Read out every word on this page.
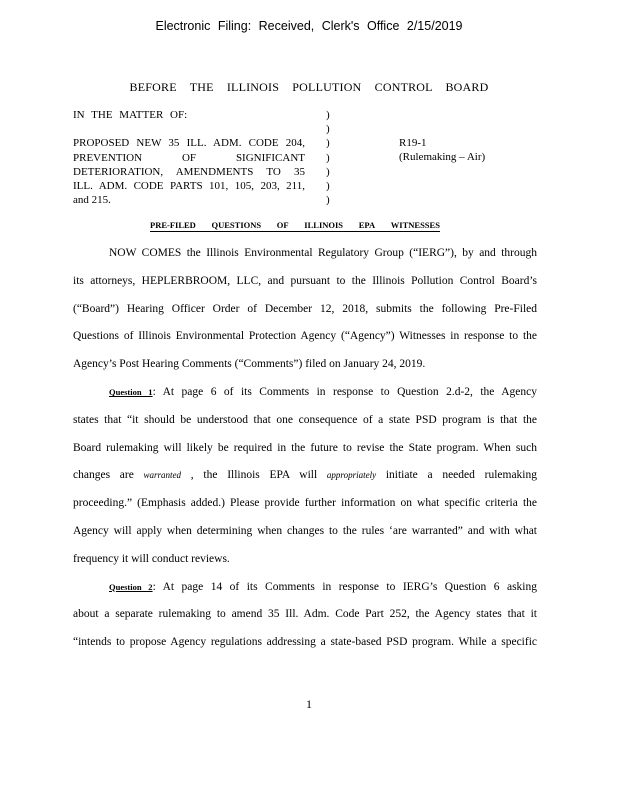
Electronic Filing: Received, Clerk's Office 2/15/2019
BEFORE THE ILLINOIS POLLUTION CONTROL BOARD
IN THE MATTER OF:

PROPOSED NEW 35 ILL. ADM. CODE 204,
PREVENTION OF SIGNIFICANT
DETERIORATION, AMENDMENTS TO 35
ILL. ADM. CODE PARTS 101, 105, 203, 211,
and 215.
)
)
)
)
)
)
)
R19-1
(Rulemaking – Air)
PRE-FILED QUESTIONS OF ILLINOIS EPA WITNESSES
NOW COMES the Illinois Environmental Regulatory Group (“IERG”), by and through
its attorneys, HEPLERBROOM, LLC, and pursuant to the Illinois Pollution Control Board’s
(“Board”) Hearing Officer Order of December 12, 2018, submits the following Pre-Filed
Questions of Illinois Environmental Protection Agency (“Agency”) Witnesses in response to the
Agency’s Post Hearing Comments (“Comments”) filed on January 24, 2019.
Question 1: At page 6 of its Comments in response to Question 2.d-2, the Agency
states that “it should be understood that one consequence of a state PSD program is that the
Board rulemaking will likely be required in the future to revise the State program. When such
changes are warranted , the Illinois EPA will appropriately initiate a needed rulemaking
proceeding.” (Emphasis added.) Please provide further information on what specific criteria the
Agency will apply when determining when changes to the rules ‘are warranted” and with what
frequency it will conduct reviews.
Question 2: At page 14 of its Comments in response to IERG’s Question 6 asking
about a separate rulemaking to amend 35 Ill. Adm. Code Part 252, the Agency states that it
“intends to propose Agency regulations addressing a state-based PSD program. While a specific
1
